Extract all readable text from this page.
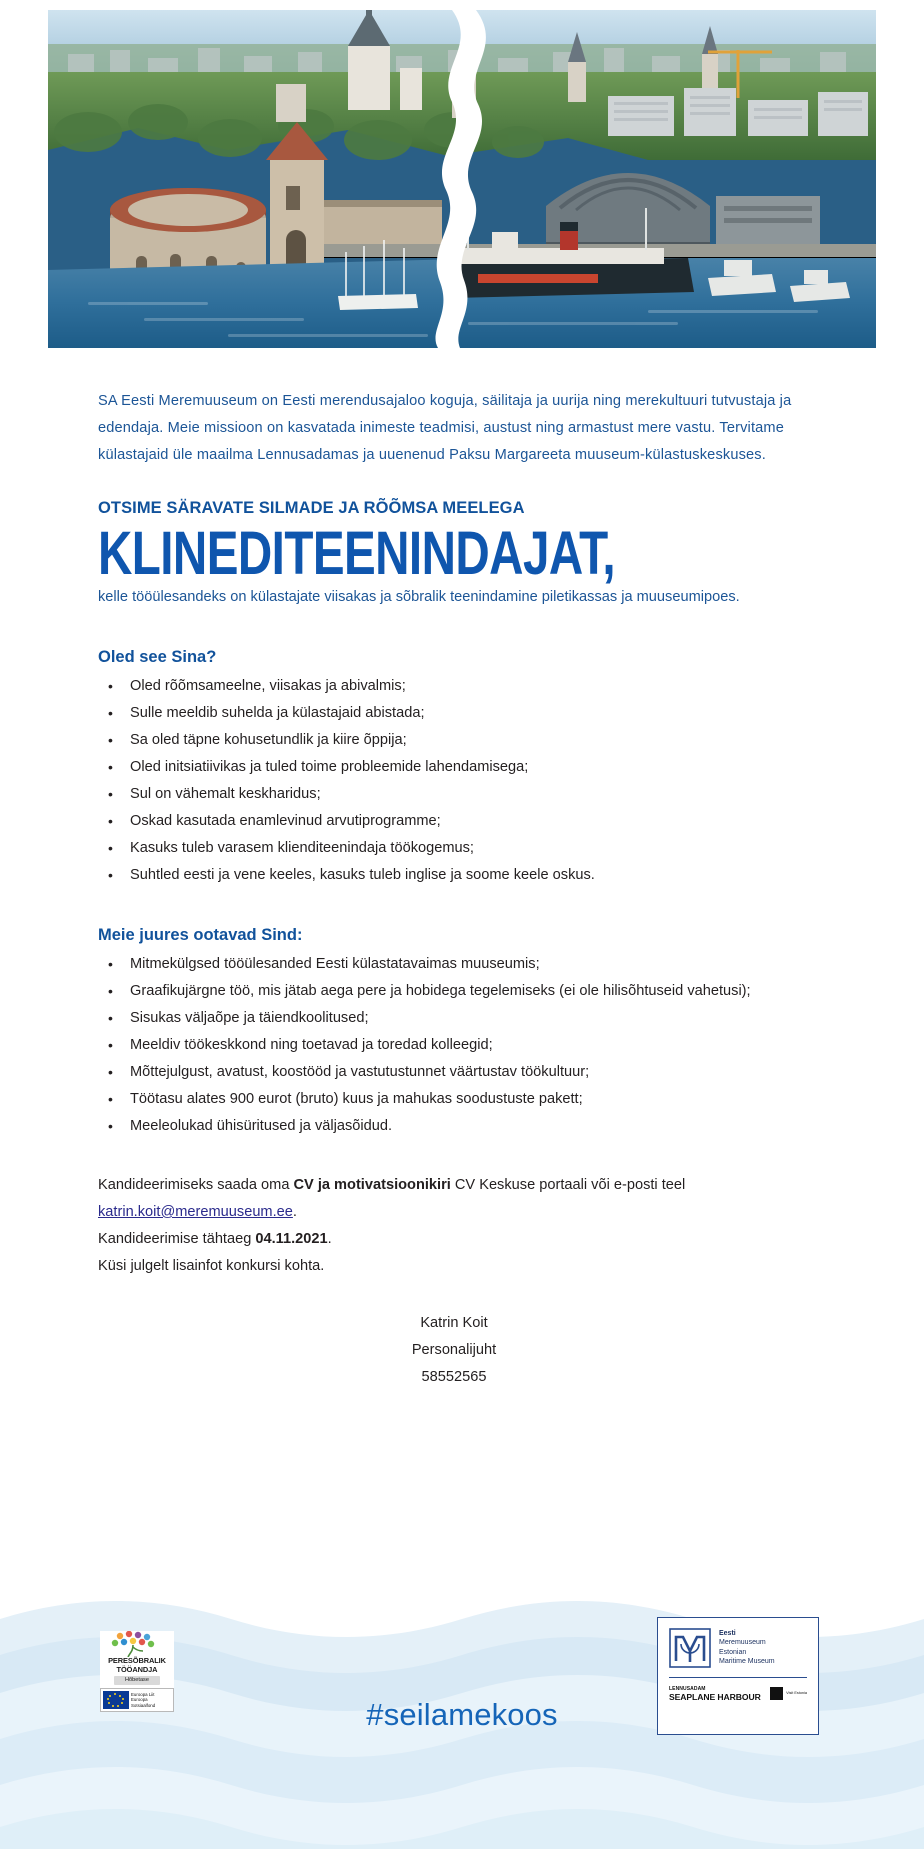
SA Eesti Meremuuseum on Eesti merendusajaloo koguja, säilitaja ja uurija ning merekultuuri tutvustaja ja edendaja. Meie missioon on kasvatada inimeste teadmisi, austust ning armastust mere vastu. Tervitame külastajaid üle maailma Lennusadamas ja uuenenud Paksu Margareeta muuseum-külastuskeskuses.

OTSIME SÄRAVATE SILMADE JA RÕÕMSA MEELEGA
KLINEDITEENINDAJAT,

kelle tööülesandeks on külastajate viisakas ja sõbralik teenindamine piletikassas ja muuseumipoes.

Oled see Sina?
• Oled rõõmsameelne, viisakas ja abivalmis;
• Sulle meeldib suhelda ja külastajaid abistada;
• Sa oled täpne kohusetundlik ja kiire õppija;
• Oled initsiatiivikas ja tuled toime probleemide lahendamisega;
• Sul on vähemalt keskharidus;
• Oskad kasutada enamlevinud arvutiprogramme;
• Kasuks tuleb varasem klienditeenindaja töökogemus;
• Suhtled eesti ja vene keeles, kasuks tuleb inglise ja soome keele oskus.
Meie juures ootavad Sind:
• Mitmekülgsed tööülesanded Eesti külastatavaimas muuseumis;
• Graafikujärgne töö, mis jätab aega pere ja hobidega tegelemiseks (ei ole hilisõhtuseid vahetusi);
• Sisukas väljaõpe ja täiendkoolitused;
• Meeldiv töökeskkond ning toetavad ja toredad kolleegid;
• Mõttejulgust, avatust, koostööd ja vastutustunnet väärtustav töökultuur;
• Töötasu alates 900 eurot (bruto) kuus ja mahukas soodustuste pakett;
• Meeleolukad ühisüritused ja väljasõidud.
Kandideerimiseks saada oma CV ja motivatsioonikiri CV Keskuse portaali või e-posti teel katrin.koit@meremuuseum.ee.
Kandideerimise tähtaeg 04.11.2021.
Küsi julgelt lisainfot konkursi kohta.
Katrin Koit
Personalijuht
58552565
#seilamekoos
PERESÕBRALIK
TÖÖANDJA
Hõbetase
Euroopa Liit
Euroopa Sotsiaalfond
Eesti
Meremuuseum
Estonian
Maritime Museum
LENNUSADAM
SEAPLANE HARBOUR	Visit Estonia
